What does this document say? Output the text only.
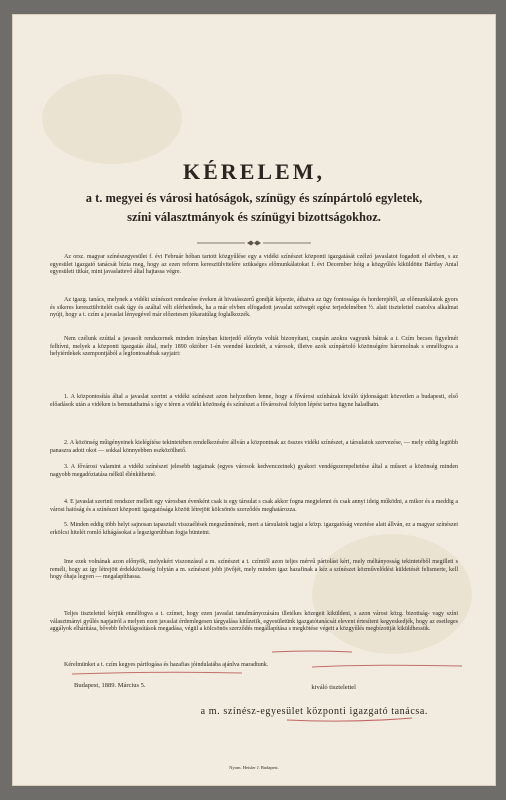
KÉRELEM,
a t. megyei és városi hatóságok, színügy és színpártoló egyletek,
színi választmányok és színügyi bizottságokhoz.
Az orsz. magyar színészegyesület f. évi Február hóban tartott közgyűlése egy a vidéki színészet központi igazgatását czélzó javaslatot fogadott el elvben, s az egyesület igazgató tanácsát bízta meg, hogy az ezen reform keresztülvitelére szükséges előmunkálatokat f. évi December hóig a közgyűlés kiküldötte Bártfay Antal egyesületi titkár, mint javaslattevő által hajtassa végre.
Az igazg. tanács, melynek a vidéki színészet rendezése éveken át hivatásszerű gondját képezte, áthatva az ügy fontossága és horderejétől, az előmunkálatok gyors és sikeres keresztülvitelét csak úgy és azáltal véli elérhetőnek, ha a már elvben elfogadott javaslat szövegét egész terjedelmében ½. alatt tisztelettel csatolva alkalmat nyújt, hogy a t. czím a javaslat lényegével már előzetesen jókaratúlag foglalkozzék.
Nem czélunk ezúttal a javasolt rendszernek minden irányban kiterjedő előnyös voltát bizonyítani, csupán azokra vagyunk bátrak a t. Czím becses figyelmét felhívni, melyek a központi igazgatás által, mely 1890 október 1-én veendné kezdetét, a városok, illetve azok színpártoló közönségére háromolnak s ennélfogva a helyiérdekek szempontjából a legfontosabbak sayjairi:
1. A központosítás által a javaslat szerint a vidéki színészet azon helyzetben lenne, hogy a fővárosi színházak kiváló újdonságait közvetlen a budapesti, első előadások után a vidéken is bemutathatná s így e téren a vidéki közönség és színészet a fővárosival folyton lépést tartva ügyne haladhatn.
2. A közönség műigényeinek kielégítése tekintetében rendelkezésére állván a központnak az összes vidéki színészet, a társulatok szervezése, — mely eddig legtöbb panaszra adott okot — sokkal könnyebben eszközölhető.
3. A fővárosi valamint a vidéki színészet jelesebb tagjainak (egyes városok kedvenczeinek) gyakori vendégszerepeltetése által a műsort a közönség minden nagyobb megadóztatása nélkül élénkíthetné.
4. E javaslat szerinti rendszer mellett egy városban évenként csak is egy társulat s csak akkor fogna megjelenni és csak annyi ideig működni, a mikor és a meddig a városi hatóság és a színészet központi igazgatósága között létrejött kölcsönös szerződés meghatározza.
5. Minden eddig több helyt sajnosan tapasztalt visszaélések megszűnnének, mert a társulatok tagjai a közp. igazgatóság vezetése alatt állván, ez a magyar színészet erkölcsi hitelét romló kihágásokat a legszigorúbban fogja büntetni.
Ime ezek volnának azon előnyök, melyekért viszonzásul a m. színészet a t. czímtől azon teljes mérvű pártolást kéri, mely méltányosság tekintetéből megilleti s reméli, hogy az így létrejött érdekközösség folytán a m. színészet jobb jövőjét, mely minden igaz hazafinak a kéz a színészet közművelődési küldetését felismerte, kell hogy óhaja legyen — megalapíthassa.
Teljes tisztelettel kérjük ennélfogva a t. czímet, hogy ezen javaslat tanulmányozására illetékes közegeit kiküldeni, s azon városi közg. bizottság- vagy színi választmányi gyűlés napjairól a melyen ezen javaslat érdemlegesen tárgyalása kitűzetik, egyesületünk igazgatótanácsát elevent értesíteni kegyeskedjék, hogy az esetleges aggályok elhárítása, bővebb felvilágosítások megadása, végül a kölcsönös szerződés megállapítása s megkötése végett a közgyűlés megbízottját kiküldhessük.
Kérelmünket a t. czím kegyes pártfogása és hazafias jóindulatába ajánlva maradtunk.
Budapest, 1889. Március 5.	kiváló tisztelettel
a m. színész-egyesület központi igazgató tanácsa.
Nyom. Heisler J. Budapest.
